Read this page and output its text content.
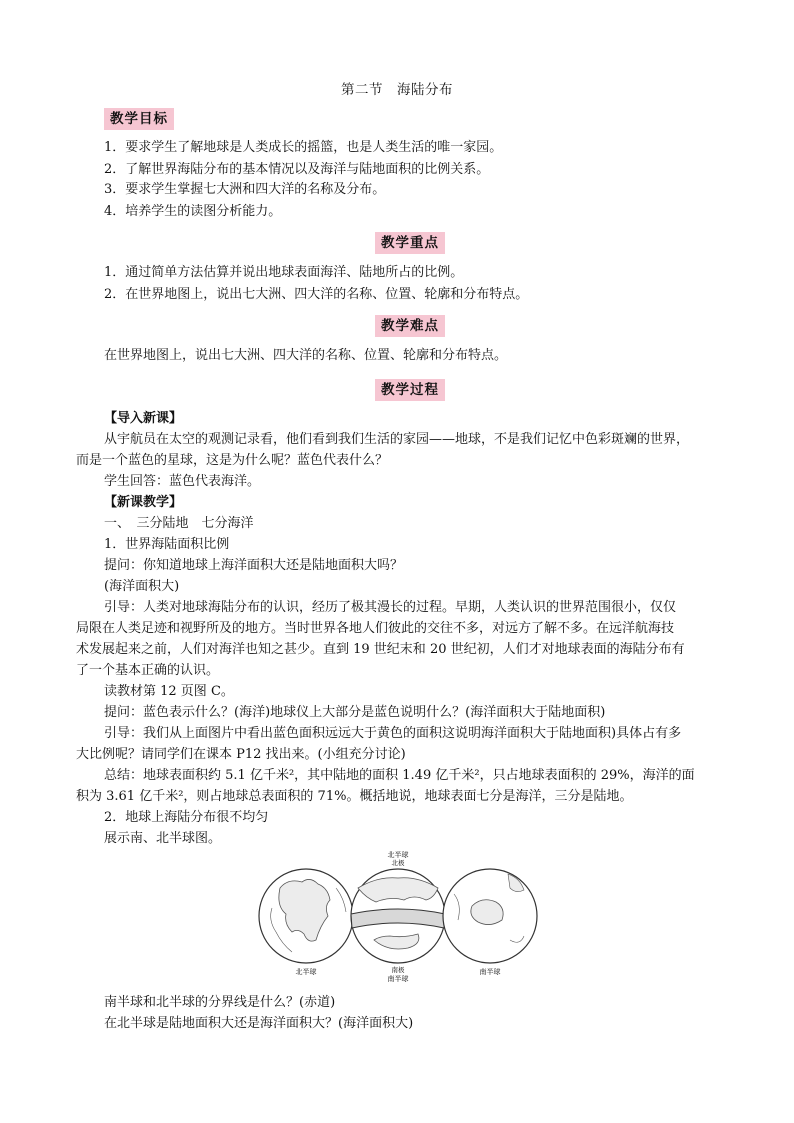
第二节　海陆分布
教学目标
1．要求学生了解地球是人类成长的摇篮，也是人类生活的唯一家园。
2．了解世界海陆分布的基本情况以及海洋与陆地面积的比例关系。
3．要求学生掌握七大洲和四大洋的名称及分布。
4．培养学生的读图分析能力。
教学重点
1．通过简单方法估算并说出地球表面海洋、陆地所占的比例。
2．在世界地图上，说出七大洲、四大洋的名称、位置、轮廓和分布特点。
教学难点
在世界地图上，说出七大洲、四大洋的名称、位置、轮廓和分布特点。
教学过程
【导入新课】
从宇航员在太空的观测记录看，他们看到我们生活的家园——地球，不是我们记忆中色彩斑斓的世界，
而是一个蓝色的星球，这是为什么呢？蓝色代表什么？
学生回答：蓝色代表海洋。
【新课教学】
一、　三分陆地　七分海洋
1．世界海陆面积比例
提问：你知道地球上海洋面积大还是陆地面积大吗？
(海洋面积大)
引导：人类对地球海陆分布的认识，经历了极其漫长的过程。早期，人类认识的世界范围很小，仅仅
局限在人类足迹和视野所及的地方。当时世界各地人们彼此的交往不多，对远方了解不多。在远洋航海技
术发展起来之前，人们对海洋也知之甚少。直到 19 世纪末和 20 世纪初，人们才对地球表面的海陆分布有
了一个基本正确的认识。
读教材第 12 页图 C。
提问：蓝色表示什么？(海洋)地球仪上大部分是蓝色说明什么？(海洋面积大于陆地面积)
引导：我们从上面图片中看出蓝色面积远远大于黄色的面积这说明海洋面积大于陆地面积)具体占有多
大比例呢？请同学们在课本 P12 找出来。(小组充分讨论)
总结：地球表面积约 5.1 亿千米²，其中陆地的面积 1.49 亿千米²，只占地球表面积的 29%，海洋的面
积为 3.61 亿千米²，则占地球总表面积的 71%。概括地说，地球表面七分是海洋，三分是陆地。
2．地球上海陆分布很不均匀
展示南、北半球图。
北半球
北极
北半球	南极
南半球
南半球
南半球和北半球的分界线是什么？(赤道)
在北半球是陆地面积大还是海洋面积大？(海洋面积大)
